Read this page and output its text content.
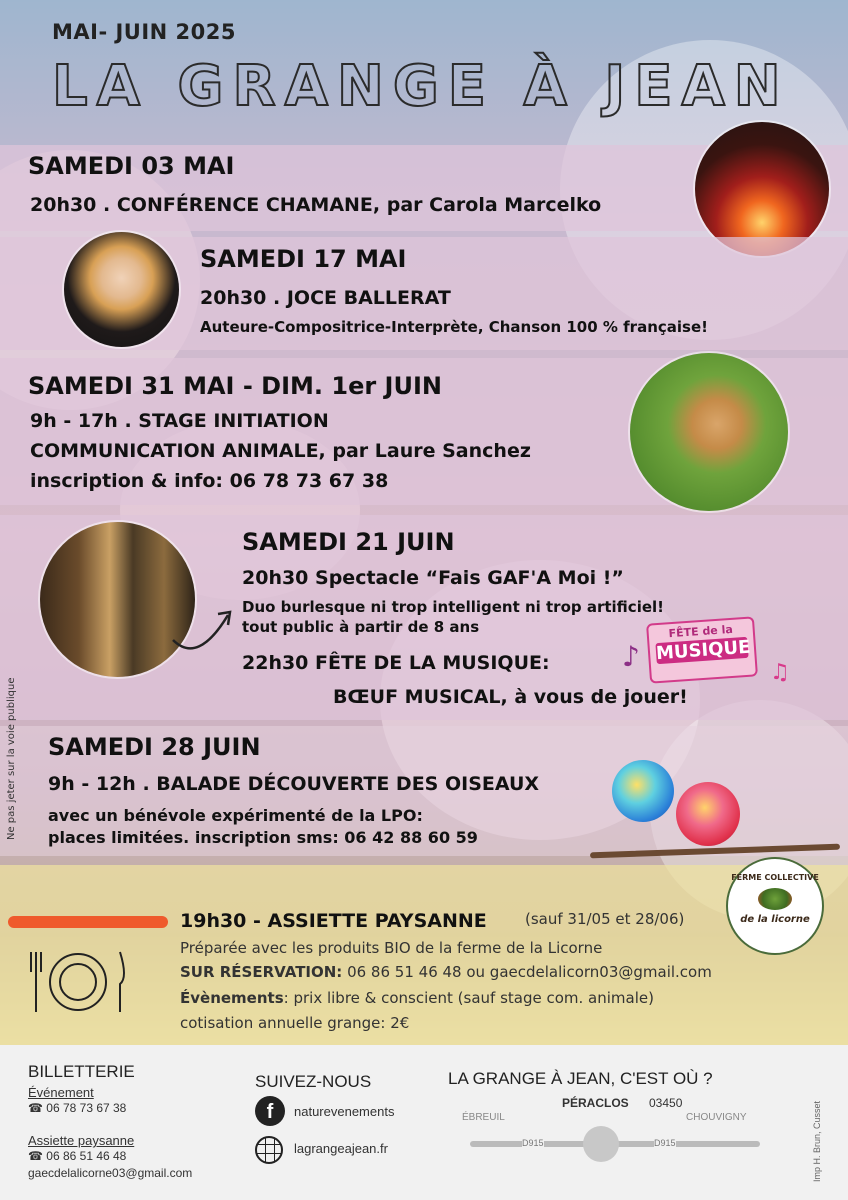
MAI- JUIN 2025
LA GRANGE À JEAN
SAMEDI 03 MAI
20h30 . CONFÉRENCE CHAMANE, par Carola Marcelko
SAMEDI 17 MAI
20h30 . JOCE BALLERAT
Auteure-Compositrice-Interprète, Chanson 100 % française!
SAMEDI 31 MAI - DIM. 1er JUIN
9h - 17h . STAGE INITIATION
COMMUNICATION ANIMALE, par Laure Sanchez
inscription & info: 06 78 73 67 38
SAMEDI 21 JUIN
20h30 Spectacle “Fais GAF'A Moi !”
Duo burlesque ni trop intelligent ni trop artificiel!
tout public à partir de 8 ans
22h30 FÊTE DE LA MUSIQUE:
BŒUF MUSICAL, à vous de jouer!
FÊTE de la
MUSIQUE
♪	♫
SAMEDI 28 JUIN
9h - 12h . BALADE DÉCOUVERTE DES OISEAUX
avec un bénévole expérimenté de la LPO:
places limitées. inscription sms: 06 42 88 60 59
Ne pas jeter sur la voie publique
19h30 - ASSIETTE PAYSANNE	(sauf 31/05 et 28/06)
Préparée avec les produits BIO de la ferme de la Licorne
SUR RÉSERVATION: 06 86 51 46 48 ou gaecdelalicorn03@gmail.com
Évènements: prix libre & conscient (sauf stage com. animale)
cotisation annuelle grange: 2€
FERME COLLECTIVE
de la licorne
BILLETTERIE
Événement
☎ 06 78 73 67 38
Assiette paysanne
☎ 06 86 51 46 48
gaecdelalicorne03@gmail.com
SUIVEZ-NOUS
f	naturevenements
lagrangeajean.fr
LA GRANGE À JEAN, C'EST OÙ ?
PÉRACLOS 03450
ÉBREUIL	CHOUVIGNY
D915	D915	Imp H. Brun, Cusset
